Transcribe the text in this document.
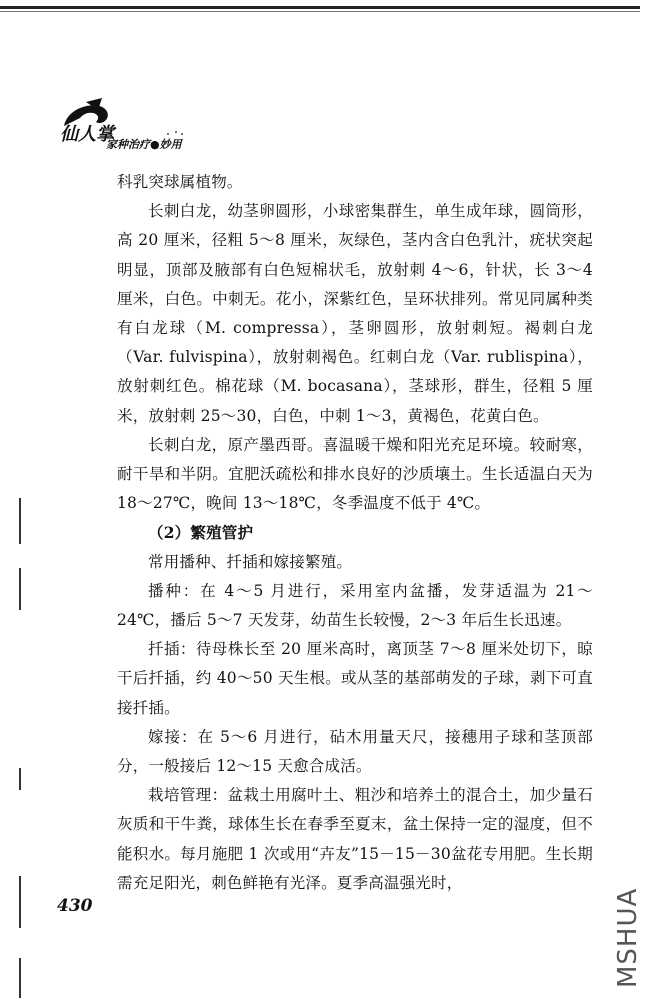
仙人掌
家种治疗●妙用

科乳突球属植物。

长刺白龙，幼茎卵圆形，小球密集群生，单生成年球，圆筒形，高 20 厘米，径粗 5～8 厘米，灰绿色，茎内含白色乳汁，疣状突起明显，顶部及腋部有白色短棉状毛，放射刺 4～6，针状，长 3～4 厘米，白色。中刺无。花小，深紫红色，呈环状排列。常见同属种类有白龙球（M. compressa），茎卵圆形，放射刺短。褐刺白龙（Var. fulvispina），放射刺褐色。红刺白龙（Var. rublispina），放射刺红色。棉花球（M. bocasana），茎球形，群生，径粗 5 厘米，放射刺 25～30，白色，中刺 1～3，黄褐色，花黄白色。

长刺白龙，原产墨西哥。喜温暖干燥和阳光充足环境。较耐寒，耐干旱和半阴。宜肥沃疏松和排水良好的沙质壤土。生长适温白天为 18～27℃，晚间 13～18℃，冬季温度不低于 4℃。

（2）繁殖管护

常用播种、扦插和嫁接繁殖。

播种：在 4～5 月进行，采用室内盆播，发芽适温为 21～24℃，播后 5～7 天发芽，幼苗生长较慢，2～3 年后生长迅速。

扦插：待母株长至 20 厘米高时，离顶茎 7～8 厘米处切下，晾干后扦插，约 40～50 天生根。或从茎的基部萌发的子球，剥下可直接扦插。

嫁接：在 5～6 月进行，砧木用量天尺，接穗用子球和茎顶部分，一般接后 12～15 天愈合成活。

栽培管理：盆栽土用腐叶土、粗沙和培养土的混合土，加少量石灰质和干牛粪，球体生长在春季至夏末，盆土保持一定的湿度，但不能积水。每月施肥 1 次或用“卉友”15－15－30盆花专用肥。生长期需充足阳光，刺色鲜艳有光泽。夏季高温强光时，

430	MSHUA
